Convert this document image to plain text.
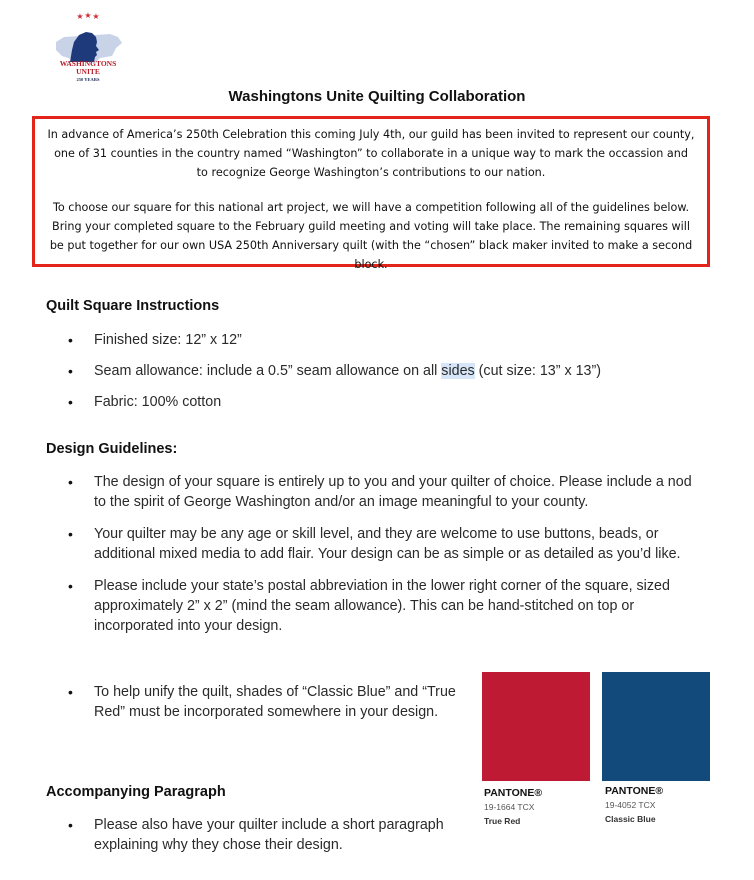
★ ★ ★
WASHINGTONS UNITE
250 YEARS
Washingtons Unite Quilting Collaboration

In advance of America’s 250th Celebration this coming July 4th, our guild has been invited to represent our county, one of 31 counties in the country named “Washington” to collaborate in a unique way to mark the occassion and to recognize George Washington’s contributions to our nation.

To choose our square for this national art project, we will have a competition following all of the guidelines below. Bring your completed square to the February guild meeting and voting will take place. The remaining squares will be put together for our own USA 250th Anniversary quilt (with the “chosen” black maker invited to make a second block.

Quilt Square Instructions
• Finished size: 12” x 12”
• Seam allowance: include a 0.5” seam allowance on all sides (cut size: 13” x 13”)
• Fabric: 100% cotton
Design Guidelines:
• The design of your square is entirely up to you and your quilter of choice. Please include a nod to the spirit of George Washington and/or an image meaningful to your county.
• Your quilter may be any age or skill level, and they are welcome to use buttons, beads, or additional mixed media to add flair. Your design can be as simple or as detailed as you’d like.
• Please include your state’s postal abbreviation in the lower right corner of the square, sized approximately 2” x 2” (mind the seam allowance). This can be hand-stitched on top or incorporated into your design.
• To help unify the quilt, shades of “Classic Blue” and “True Red” must be incorporated somewhere in your design.
Accompanying Paragraph
• Please also have your quilter include a short paragraph explaining why they chose their design.
PANTONE®
19-1664 TCX
True Red
PANTONE®
19-4052 TCX
Classic Blue
